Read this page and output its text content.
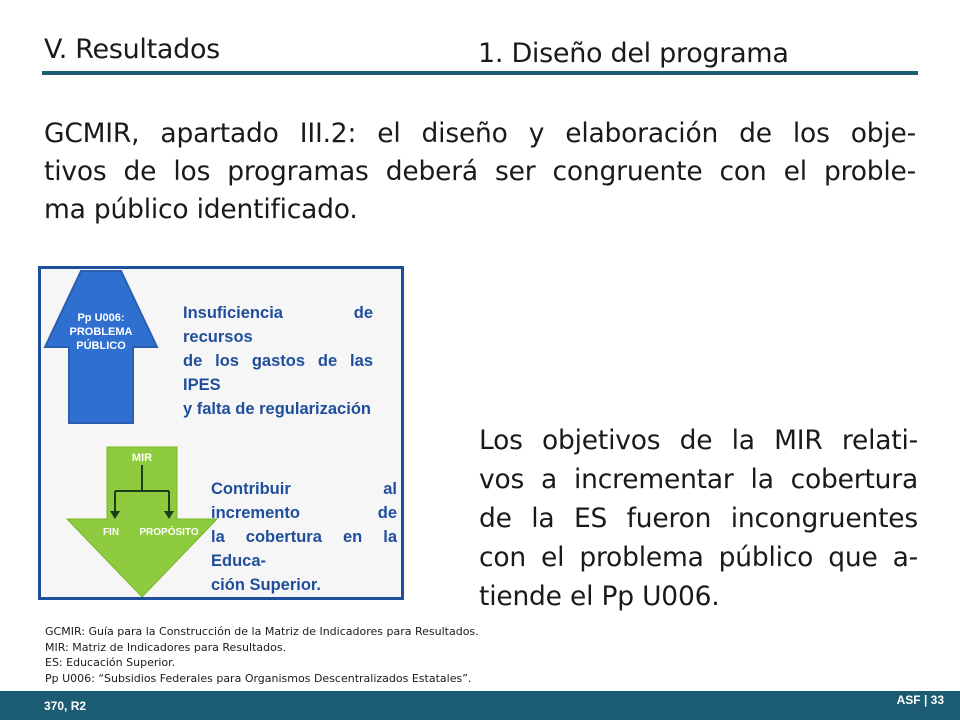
V. Resultados	1. Diseño del programa
GCMIR, apartado III.2: el diseño y elaboración de los obje-
tivos de los programas deberá ser congruente con el proble-
ma público identificado.
Pp U006:
PROBLEMA
PÚBLICO
MIR
FIN	PROPÓSITO
Insuficiencia de recursos
de los gastos de las IPES
y falta de regularización
Contribuir al incremento de
la cobertura en la Educa-
ción Superior.
Los objetivos de la MIR relati-
vos a incrementar la cobertura
de la ES fueron incongruentes
con el problema público que a-
tiende el Pp U006.
GCMIR: Guía para la Construcción de la Matriz de Indicadores para Resultados.
MIR: Matriz de Indicadores para Resultados.
ES: Educación Superior.
Pp U006: “Subsidios Federales para Organismos Descentralizados Estatales”.
370, R2	ASF | 33
